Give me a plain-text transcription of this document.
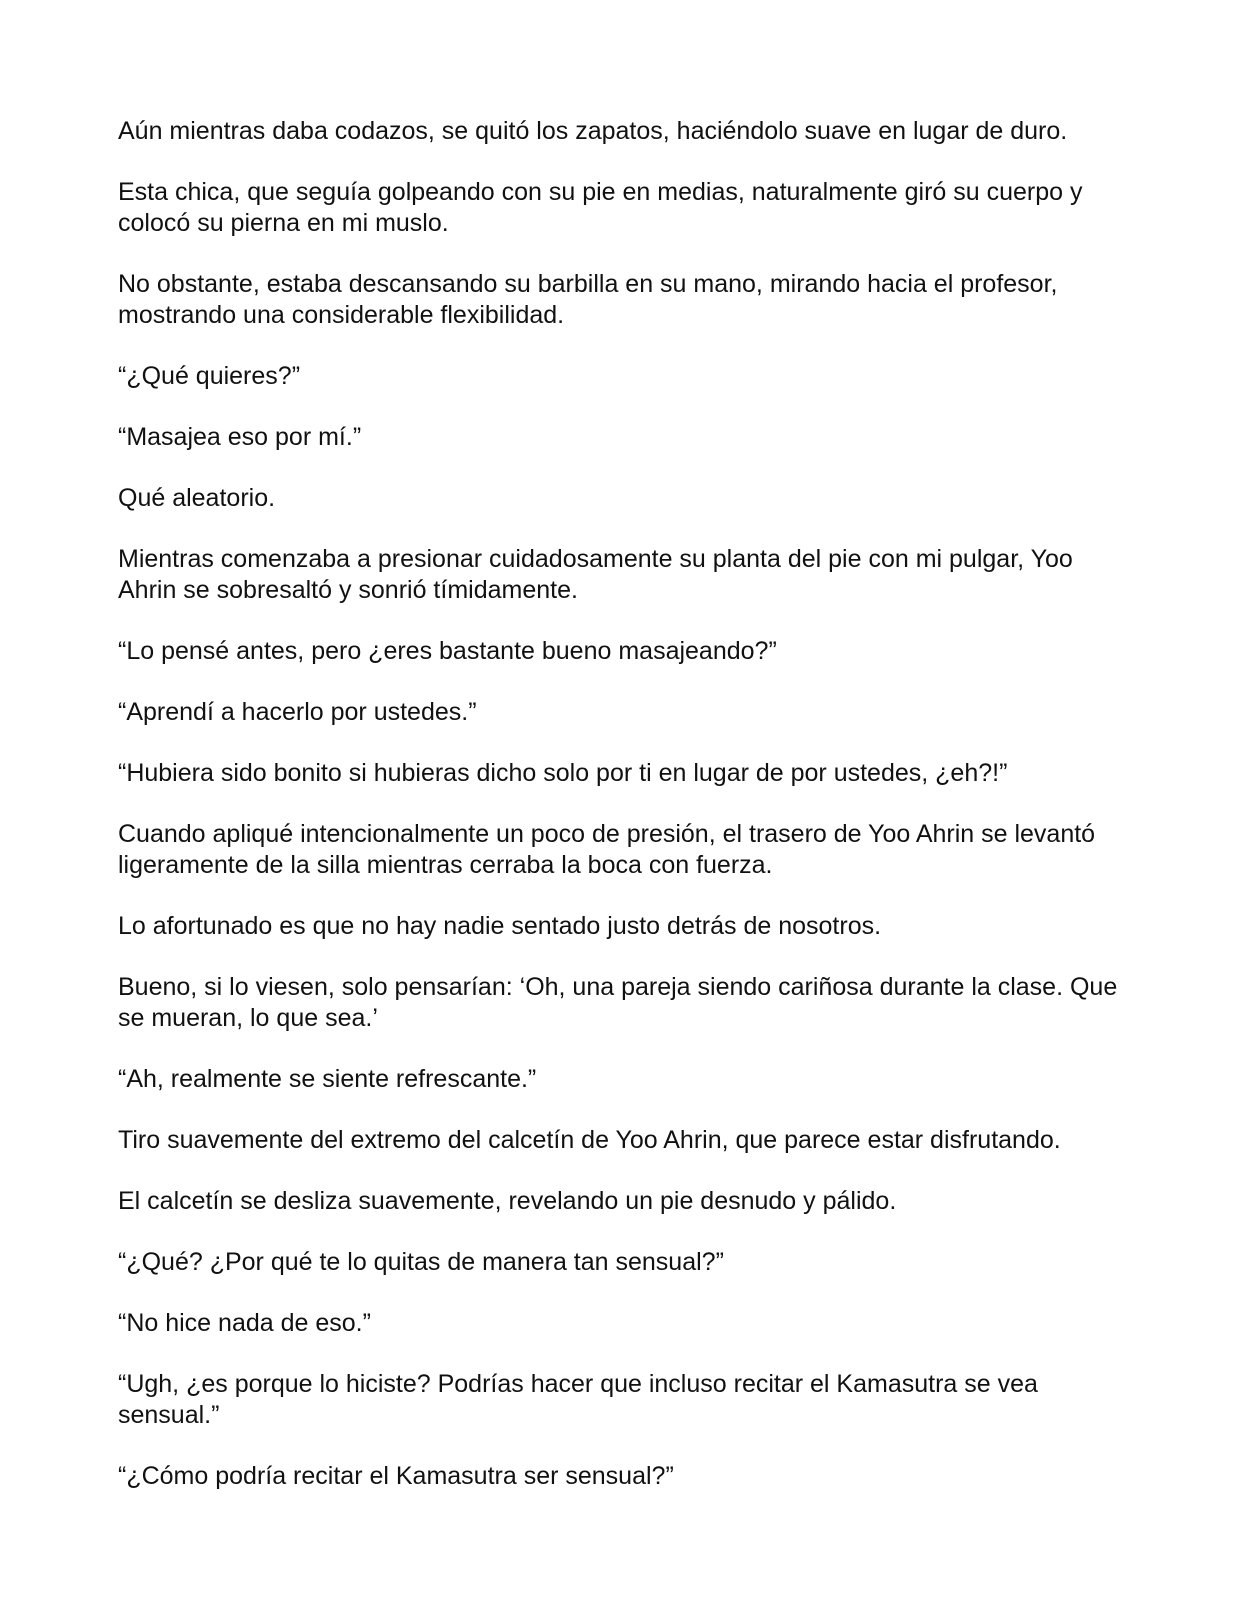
Aún mientras daba codazos, se quitó los zapatos, haciéndolo suave en lugar de duro.

Esta chica, que seguía golpeando con su pie en medias, naturalmente giró su cuerpo y colocó su pierna en mi muslo.

No obstante, estaba descansando su barbilla en su mano, mirando hacia el profesor, mostrando una considerable flexibilidad.

“¿Qué quieres?”

“Masajea eso por mí.”

Qué aleatorio.

Mientras comenzaba a presionar cuidadosamente su planta del pie con mi pulgar, Yoo Ahrin se sobresaltó y sonrió tímidamente.

“Lo pensé antes, pero ¿eres bastante bueno masajeando?”

“Aprendí a hacerlo por ustedes.”

“Hubiera sido bonito si hubieras dicho solo por ti en lugar de por ustedes, ¿eh?!”

Cuando apliqué intencionalmente un poco de presión, el trasero de Yoo Ahrin se levantó ligeramente de la silla mientras cerraba la boca con fuerza.

Lo afortunado es que no hay nadie sentado justo detrás de nosotros.

Bueno, si lo viesen, solo pensarían: ‘Oh, una pareja siendo cariñosa durante la clase. Que se mueran, lo que sea.’

“Ah, realmente se siente refrescante.”

Tiro suavemente del extremo del calcetín de Yoo Ahrin, que parece estar disfrutando.

El calcetín se desliza suavemente, revelando un pie desnudo y pálido.

“¿Qué? ¿Por qué te lo quitas de manera tan sensual?”

“No hice nada de eso.”

“Ugh, ¿es porque lo hiciste? Podrías hacer que incluso recitar el Kamasutra se vea sensual.”

“¿Cómo podría recitar el Kamasutra ser sensual?”
